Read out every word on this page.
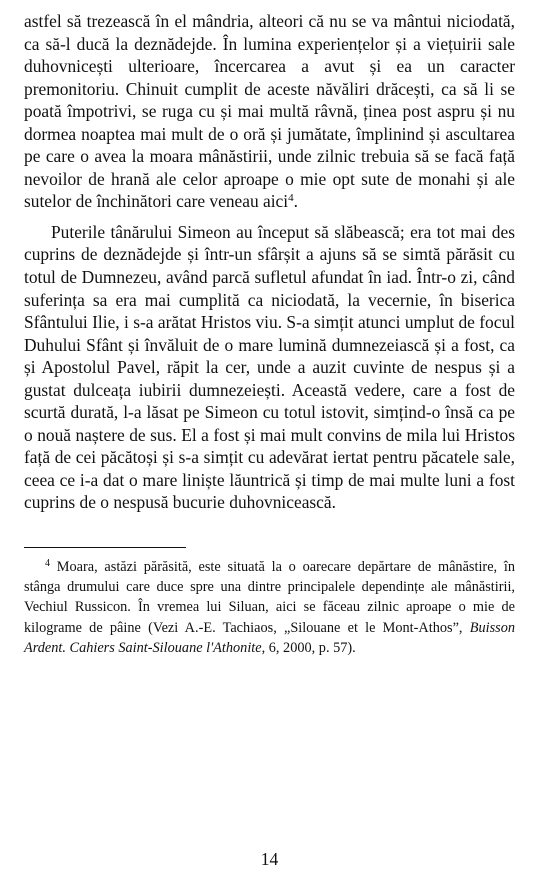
astfel să trezească în el mândria, alteori că nu se va mântui niciodată, ca să-l ducă la deznădejde. În lumina experiențelor și a viețuirii sale duhovnicești ulterioare, încercarea a avut și ea un caracter premonitoriu. Chinuit cumplit de aceste năvăliri drăcești, ca să li se poată împotrivi, se ruga cu și mai multă râvnă, ținea post aspru și nu dormea noaptea mai mult de o oră și jumătate, împlinind și ascultarea pe care o avea la moara mânăstirii, unde zilnic trebuia să se facă față nevoilor de hrană ale celor aproape o mie opt sute de monahi și ale sutelor de închinători care veneau aici$^4$.

Puterile tânărului Simeon au început să slăbească; era tot mai des cuprins de deznădejde și într-un sfârșit a ajuns să se simtă părăsit cu totul de Dumnezeu, având parcă sufletul afundat în iad. Într-o zi, când suferința sa era mai cumplită ca niciodată, la vecernie, în biserica Sfântului Ilie, i s-a arătat Hristos viu. S-a simțit atunci umplut de focul Duhului Sfânt și învăluit de o mare lumină dumnezeiască și a fost, ca și Apostolul Pavel, răpit la cer, unde a auzit cuvinte de nespus și a gustat dulceața iubirii dumnezeiești. Această vedere, care a fost de scurtă durată, l-a lăsat pe Simeon cu totul istovit, simțind-o însă ca pe o nouă naștere de sus. El a fost și mai mult convins de mila lui Hristos față de cei păcătoși și s-a simțit cu adevărat iertat pentru păcatele sale, ceea ce i-a dat o mare liniște lăuntrică și timp de mai multe luni a fost cuprins de o nespusă bucurie duhovnicească.

$^4$ Moara, astăzi părăsită, este situată la o oarecare depărtare de mânăstire, în stânga drumului care duce spre una dintre principalele dependințe ale mânăstirii, Vechiul Russicon. În vremea lui Siluan, aici se făceau zilnic aproape o mie de kilograme de pâine (Vezi A.-E. Tachiaos, „Silouane et le Mont-Athos”, Buisson Ardent. Cahiers Saint-Silouane l'Athonite, 6, 2000, p. 57).

14
